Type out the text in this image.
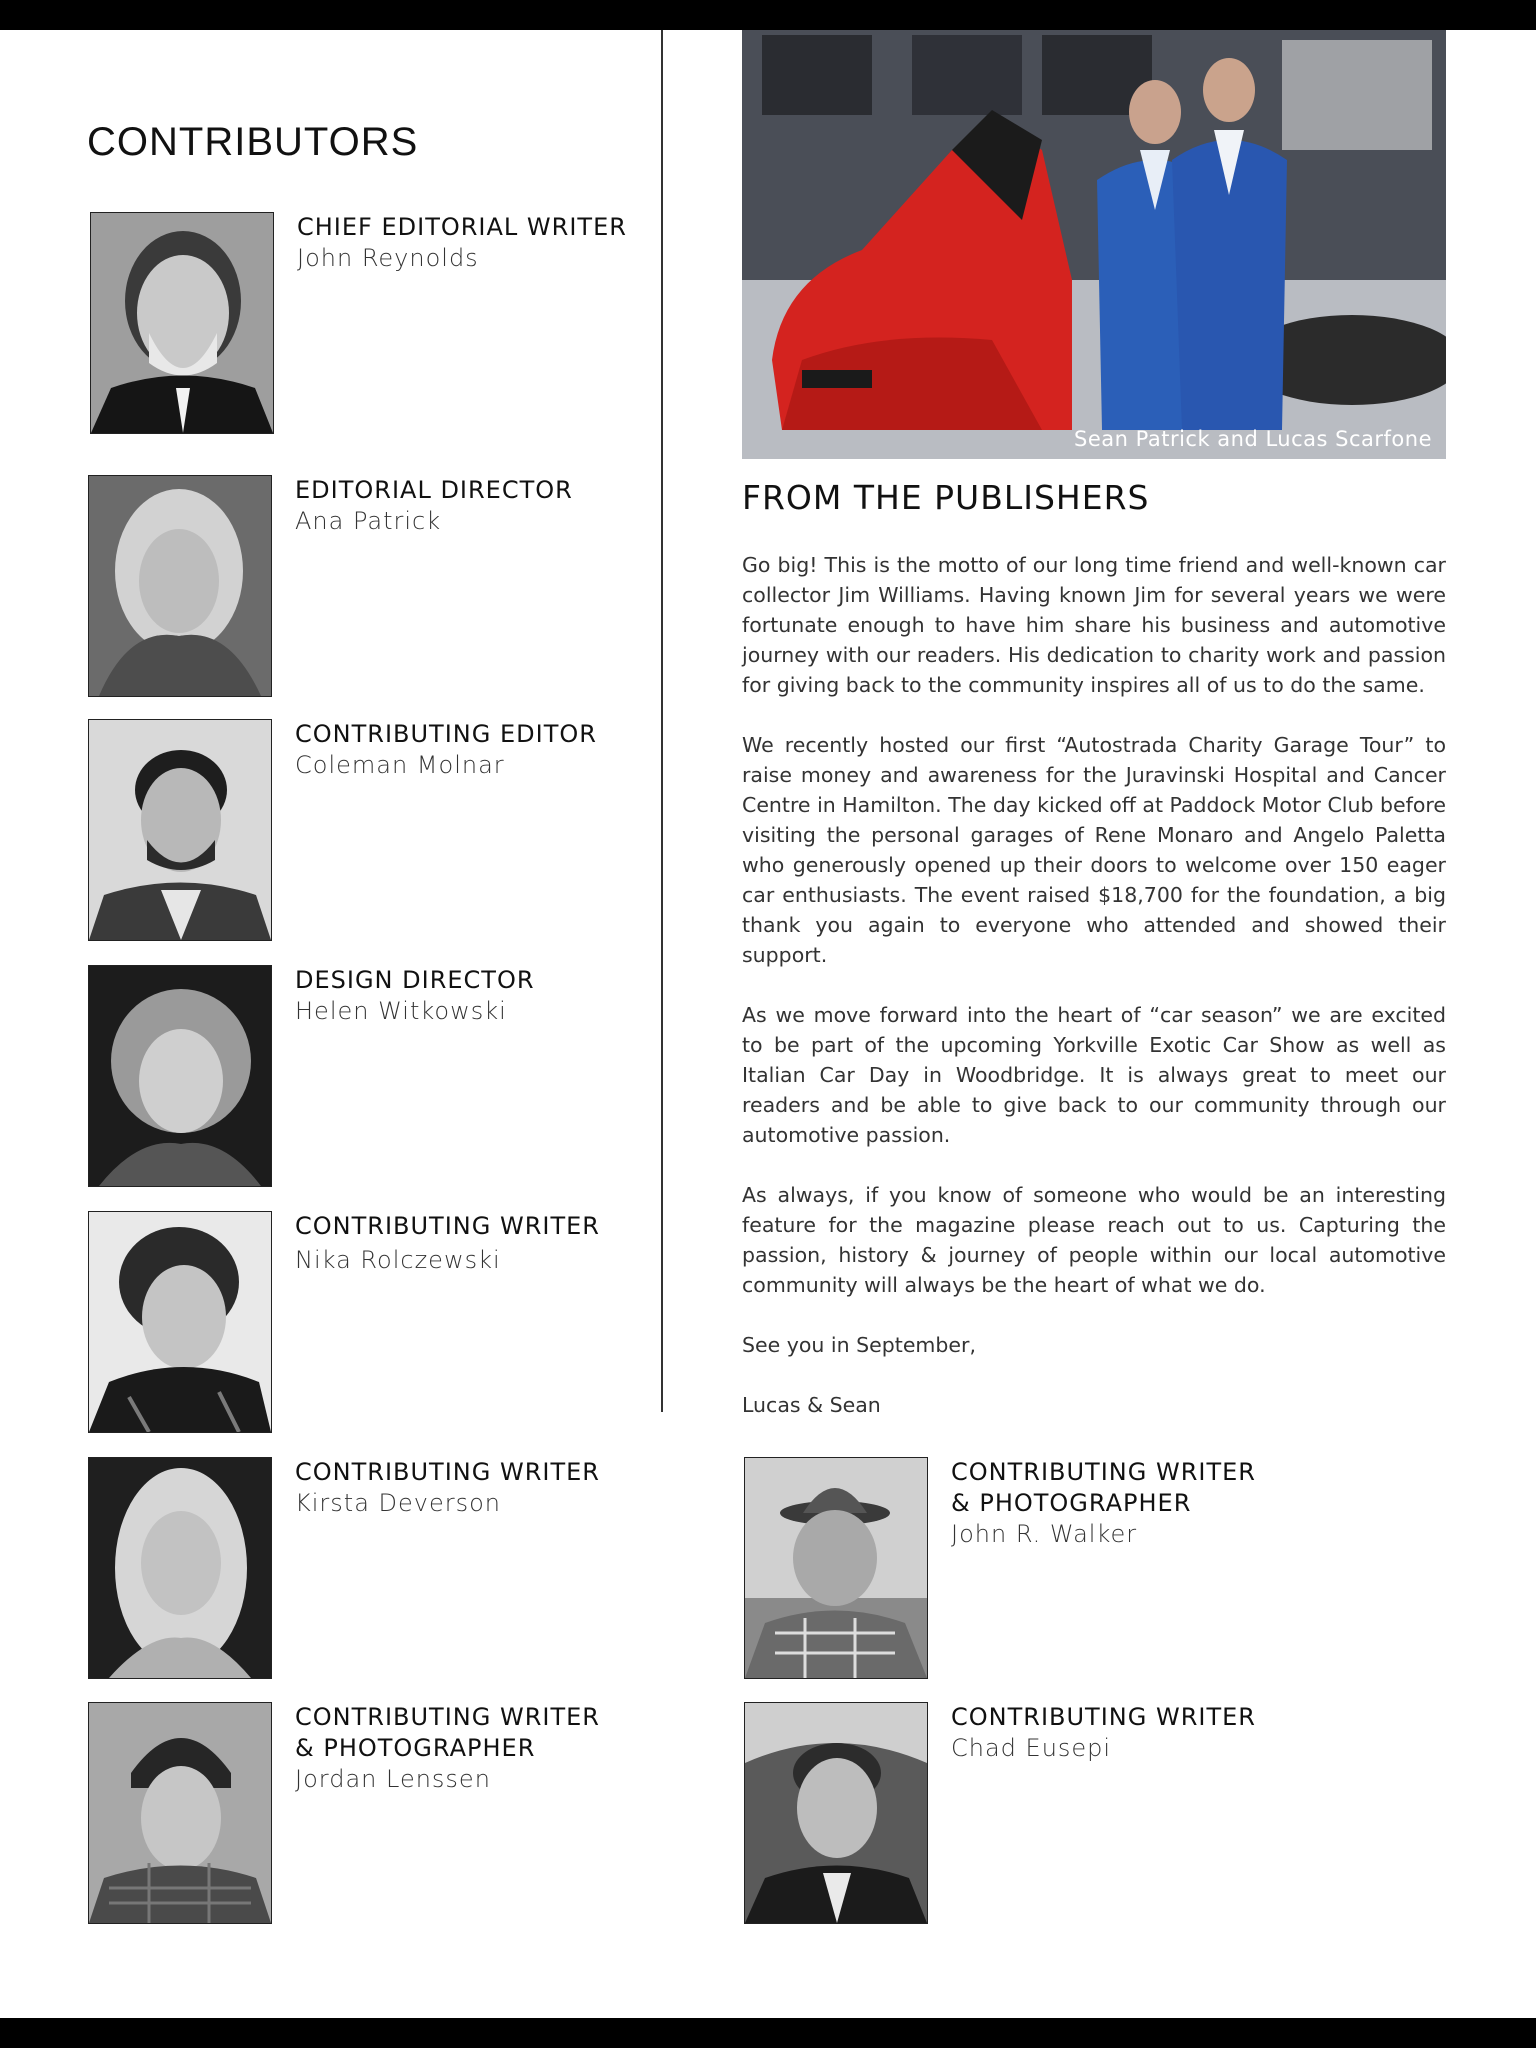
CONTRIBUTORS

CHIEF EDITORIAL WRITER

John Reynolds

EDITORIAL DIRECTOR

Ana Patrick

CONTRIBUTING EDITOR

Coleman Molnar

DESIGN DIRECTOR

Helen Witkowski

CONTRIBUTING WRITER

Nika Rolczewski

CONTRIBUTING WRITER

Kirsta Deverson

CONTRIBUTING WRITER
& PHOTOGRAPHER

Jordan Lenssen

CONTRIBUTING WRITER
& PHOTOGRAPHER

John R. Walker

CONTRIBUTING WRITER

Chad Eusepi

Sean Patrick and Lucas Scarfone
FROM THE PUBLISHERS

Go big! This is the motto of our long time friend and well-known car collector Jim Williams. Having known Jim for several years we were fortunate enough to have him share his business and automotive journey with our readers. His dedication to charity work and passion for giving back to the community inspires all of us to do the same.

We recently hosted our first “Autostrada Charity Garage Tour” to raise money and awareness for the Juravinski Hospital and Cancer Centre in Hamilton. The day kicked off at Paddock Motor Club before visiting the personal garages of Rene Monaro and Angelo Paletta who generously opened up their doors to welcome over 150 eager car enthusiasts. The event raised $18,700 for the foundation, a big thank you again to everyone who attended and showed their support.

As we move forward into the heart of “car season” we are excited to be part of the upcoming Yorkville Exotic Car Show as well as Italian Car Day in Woodbridge. It is always great to meet our readers and be able to give back to our community through our automotive passion.

As always, if you know of someone who would be an interesting feature for the magazine please reach out to us. Capturing the passion, history & journey of people within our local automotive community will always be the heart of what we do.

See you in September,

Lucas & Sean
